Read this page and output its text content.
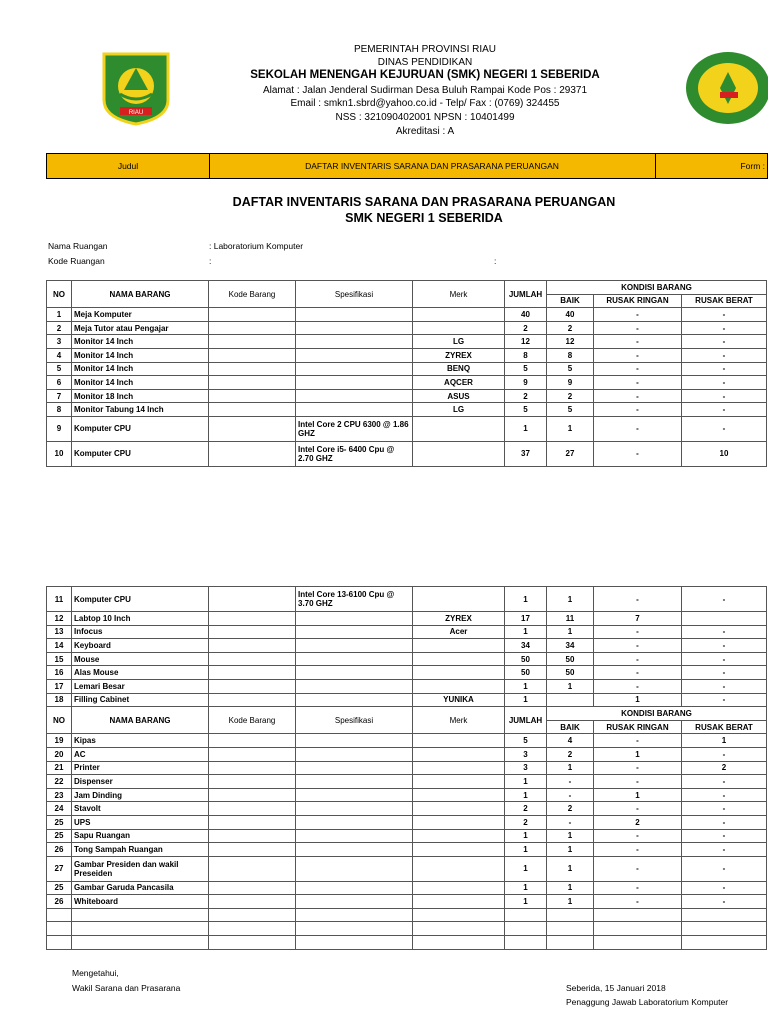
RIAU
PEMERINTAH PROVINSI RIAU
DINAS PENDIDIKAN
SEKOLAH MENENGAH KEJURUAN (SMK) NEGERI 1 SEBERIDA
Alamat : Jalan Jenderal Sudirman Desa Buluh Rampai Kode Pos : 29371
Email : smkn1.sbrd@yahoo.co.id - Telp/ Fax : (0769) 324455
NSS : 321090402001 NPSN : 10401499
Akreditasi : A
Judul	DAFTAR INVENTARIS SARANA DAN PRASARANA PERUANGAN	Form :
DAFTAR INVENTARIS SARANA DAN PRASARANA PERUANGAN
SMK NEGERI 1 SEBERIDA
Nama Ruangan	: Laboratorium Komputer
Kode Ruangan	:	:
NO	NAMA BARANG	Kode Barang	Spesifikasi	Merk	JUMLAH	KONDISI BARANG		
						BAIK	RUSAK RINGAN	RUSAK BERAT
1	Meja Komputer				40	40	-	-
2	Meja Tutor atau Pengajar				2	2	-	-
3	Monitor 14 Inch			LG	12	12	-	-
4	Monitor 14 Inch			ZYREX	8	8	-	-
5	Monitor 14 Inch			BENQ	5	5	-	-
6	Monitor 14 Inch			AQCER	9	9	-	-
7	Monitor 18 Inch			ASUS	2	2	-	-
8	Monitor Tabung 14 Inch			LG	5	5	-	-
9	Komputer CPU		Intel Core 2 CPU 6300 @ 1.86 GHZ		1	1	-	-
10	Komputer CPU		Intel Core i5- 6400 Cpu @ 2.70 GHZ		37	27	-	10
11	Komputer CPU		Intel Core 13-6100 Cpu @ 3.70 GHZ		1	1	-	-
12	Labtop 10 Inch			ZYREX	17	11	7	
13	Infocus			Acer	1	1	-	-
14	Keyboard				34	34	-	-
15	Mouse				50	50	-	-
16	Alas Mouse				50	50	-	-
17	Lemari Besar				1	1	-	-
18	Filling Cabinet			YUNIKA	1		1	-
NO	NAMA BARANG	Kode Barang	Spesifikasi	Merk	JUMLAH	KONDISI BARANG		
						BAIK	RUSAK RINGAN	RUSAK BERAT
19	Kipas				5	4	-	1
20	AC				3	2	1	-
21	Printer				3	1	-	2
22	Dispenser				1	-	-	-
23	Jam Dinding				1	-	1	-
24	Stavolt				2	2	-	-
25	UPS				2	-	2	-
25	Sapu Ruangan				1	1	-	-
26	Tong Sampah Ruangan				1	1	-	-
27	Gambar Presiden dan wakil Preseiden				1	1	-	-
25	Gambar Garuda Pancasila				1	1	-	-
26	Whiteboard				1	1	-	-

Mengetahui,
Wakil Sarana dan Prasarana	Seberida, 15 Januari 2018
Penaggung Jawab Laboratorium Komputer
